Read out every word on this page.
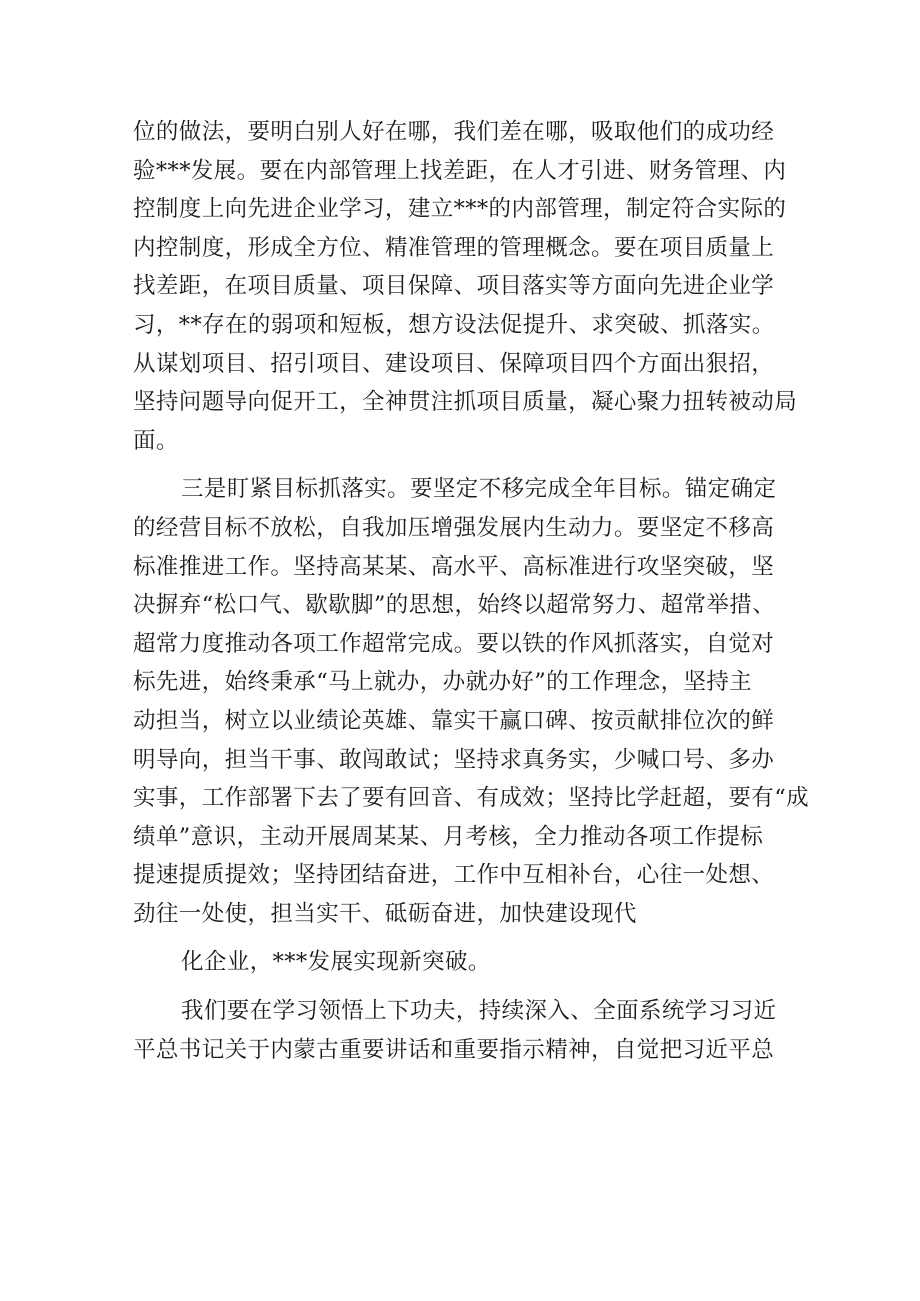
位的做法，要明白别人好在哪，我们差在哪，吸取他们的成功经
验***发展。要在内部管理上找差距，在人才引进、财务管理、内
控制度上向先进企业学习，建立***的内部管理，制定符合实际的
内控制度，形成全方位、精准管理的管理概念。要在项目质量上
找差距，在项目质量、项目保障、项目落实等方面向先进企业学
习，**存在的弱项和短板，想方设法促提升、求突破、抓落实。
从谋划项目、招引项目、建设项目、保障项目四个方面出狠招，
坚持问题导向促开工，全神贯注抓项目质量，凝心聚力扭转被动局
面。
三是盯紧目标抓落实。要坚定不移完成全年目标。锚定确定
的经营目标不放松，自我加压增强发展内生动力。要坚定不移高
标准推进工作。坚持高某某、高水平、高标准进行攻坚突破，坚
决摒弃“松口气、歇歇脚”的思想，始终以超常努力、超常举措、
超常力度推动各项工作超常完成。要以铁的作风抓落实，自觉对
标先进，始终秉承“马上就办，办就办好”的工作理念，坚持主
动担当，树立以业绩论英雄、靠实干赢口碑、按贡献排位次的鲜
明导向，担当干事、敢闯敢试；坚持求真务实，少喊口号、多办
实事，工作部署下去了要有回音、有成效；坚持比学赶超，要有“成
绩单”意识，主动开展周某某、月考核，全力推动各项工作提标
提速提质提效；坚持团结奋进，工作中互相补台，心往一处想、
劲往一处使，担当实干、砥砺奋进，加快建设现代
化企业，***发展实现新突破。
我们要在学习领悟上下功夫，持续深入、全面系统学习习近
平总书记关于内蒙古重要讲话和重要指示精神，自觉把习近平总
